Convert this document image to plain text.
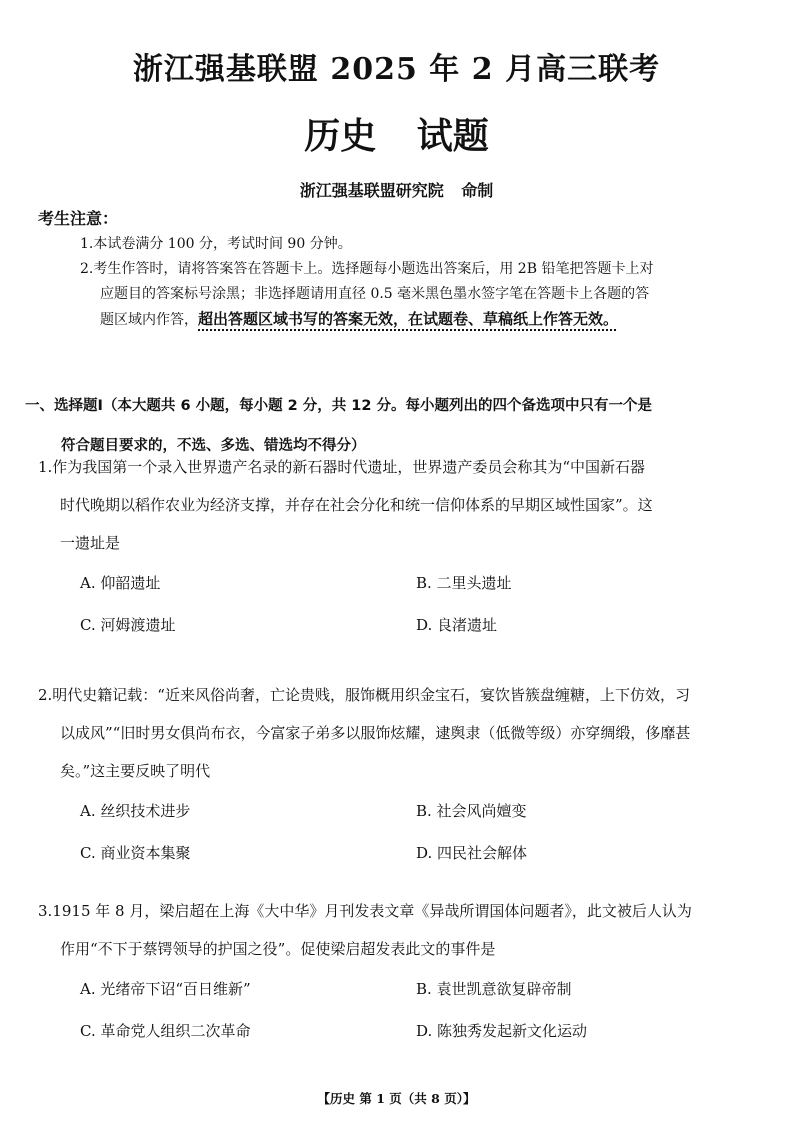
浙江强基联盟 2025 年 2 月高三联考
历史 试题
浙江强基联盟研究院 命制
考生注意：

1.本试卷满分 100 分，考试时间 90 分钟。

2.考生作答时，请将答案答在答题卡上。选择题每小题选出答案后，用 2B 铅笔把答题卡上对

应题目的答案标号涂黑；非选择题请用直径 0.5 毫米黑色墨水签字笔在答题卡上各题的答

题区域内作答，超出答题区域书写的答案无效，在试题卷、草稿纸上作答无效。

一、选择题Ⅰ（本大题共 6 小题，每小题 2 分，共 12 分。每小题列出的四个备选项中只有一个是
符合题目要求的，不选、多选、错选均不得分）

1.作为我国第一个录入世界遗产名录的新石器时代遗址，世界遗产委员会称其为“中国新石器
时代晚期以稻作农业为经济支撑，并存在社会分化和统一信仰体系的早期区域性国家”。这
一遗址是

A. 仰韶遗址	B. 二里头遗址
C. 河姆渡遗址	D. 良渚遗址

2.明代史籍记载：“近来风俗尚奢，亡论贵贱，服饰概用织金宝石，宴饮皆簇盘缠糖，上下仿效，习
以成风”“旧时男女俱尚布衣，今富家子弟多以服饰炫耀，逮舆隶（低微等级）亦穿绸缎，侈靡甚
矣。”这主要反映了明代

A. 丝织技术进步	B. 社会风尚嬗变
C. 商业资本集聚	D. 四民社会解体

3.1915 年 8 月，梁启超在上海《大中华》月刊发表文章《异哉所谓国体问题者》，此文被后人认为
作用“不下于蔡锷领导的护国之役”。促使梁启超发表此文的事件是

A. 光绪帝下诏“百日维新”	B. 袁世凯意欲复辟帝制
C. 革命党人组织二次革命	D. 陈独秀发起新文化运动
【历史 第 1 页（共 8 页）】
